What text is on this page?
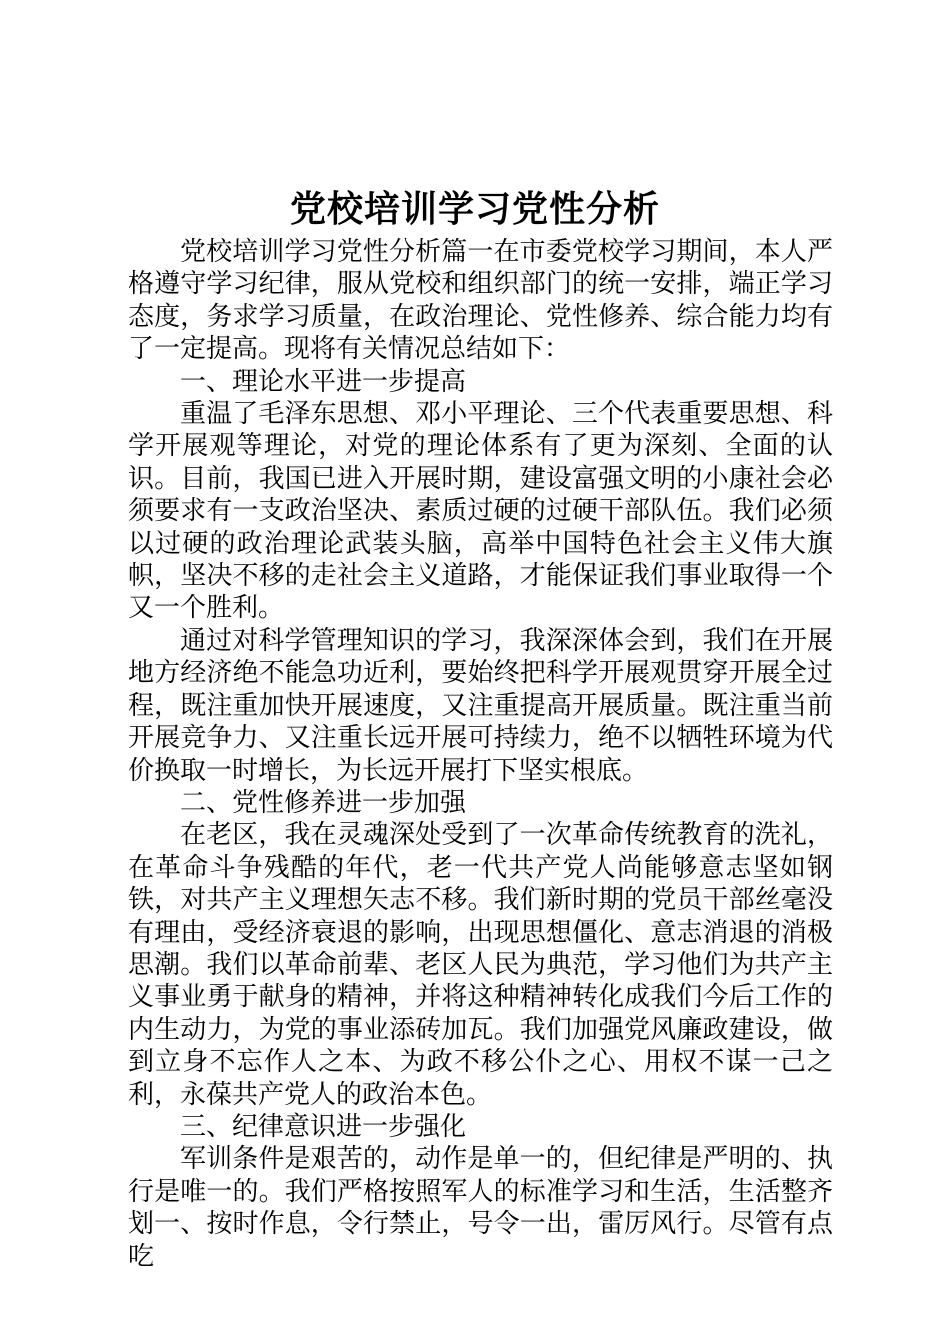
党校培训学习党性分析

党校培训学习党性分析篇一在市委党校学习期间，本人严格遵守学习纪律，服从党校和组织部门的统一安排，端正学习态度，务求学习质量，在政治理论、党性修养、综合能力均有了一定提高。现将有关情况总结如下：

一、理论水平进一步提高

重温了毛泽东思想、邓小平理论、三个代表重要思想、科学开展观等理论，对党的理论体系有了更为深刻、全面的认识。目前，我国已进入开展时期，建设富强文明的小康社会必须要求有一支政治坚决、素质过硬的过硬干部队伍。我们必须以过硬的政治理论武装头脑，高举中国特色社会主义伟大旗帜，坚决不移的走社会主义道路，才能保证我们事业取得一个又一个胜利。

通过对科学管理知识的学习，我深深体会到，我们在开展地方经济绝不能急功近利，要始终把科学开展观贯穿开展全过程，既注重加快开展速度，又注重提高开展质量。既注重当前开展竞争力、又注重长远开展可持续力，绝不以牺牲环境为代价换取一时增长，为长远开展打下坚实根底。

二、党性修养进一步加强

在老区，我在灵魂深处受到了一次革命传统教育的洗礼，在革命斗争残酷的年代，老一代共产党人尚能够意志坚如钢铁，对共产主义理想矢志不移。我们新时期的党员干部丝毫没有理由，受经济衰退的影响，出现思想僵化、意志消退的消极思潮。我们以革命前辈、老区人民为典范，学习他们为共产主义事业勇于献身的精神，并将这种精神转化成我们今后工作的内生动力，为党的事业添砖加瓦。我们加强党风廉政建设，做到立身不忘作人之本、为政不移公仆之心、用权不谋一己之利，永葆共产党人的政治本色。

三、纪律意识进一步强化

军训条件是艰苦的，动作是单一的，但纪律是严明的、执行是唯一的。我们严格按照军人的标准学习和生活，生活整齐划一、按时作息，令行禁止，号令一出，雷厉风行。尽管有点吃
